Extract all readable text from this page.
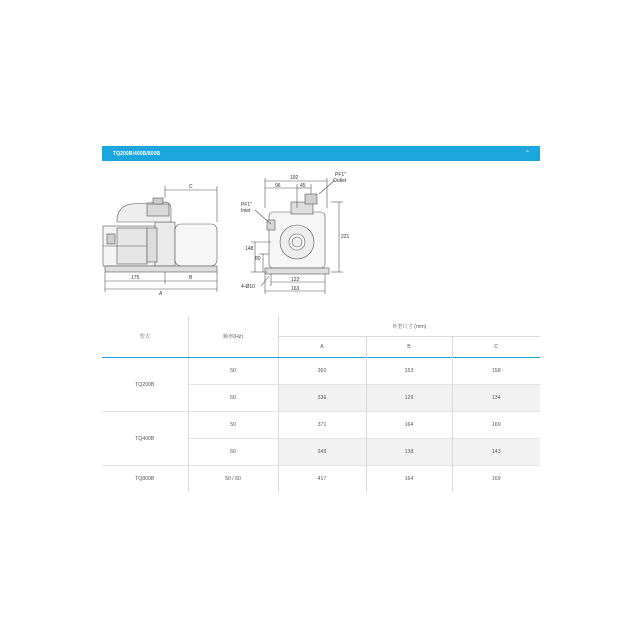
TQ200B/400B/800B	⌃
C
175	B
A
192
96	45
PF1"
Outlet
PF1"
Inlet
221
148
80
122
163
4-Ø10
型式	頻率(Hz)	外型尺寸 (mm)		
		A	B	C
TQ200B	50	360	153	158
	60	336	129	134
TQ400B	50	371	164	169
	60	345	138	143
TQ800B	50 / 60	417	164	169
